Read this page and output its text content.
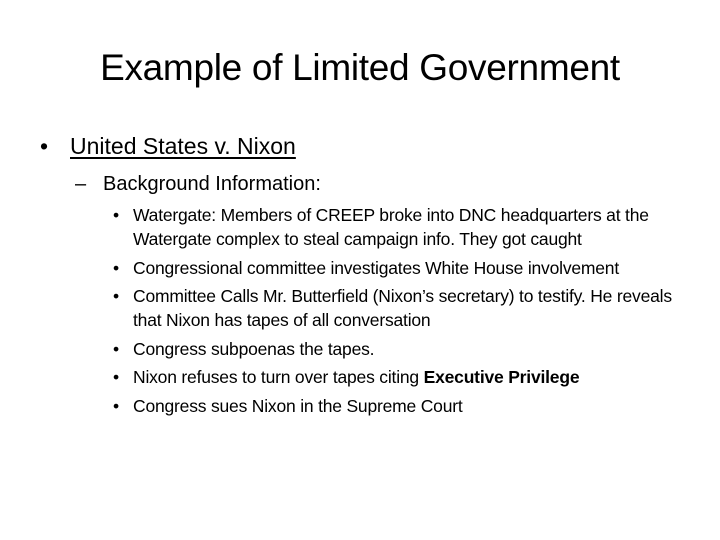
Example of Limited Government
• United States v. Nixon
– Background Information:
• Watergate: Members of CREEP broke into DNC headquarters at the Watergate complex to steal campaign info. They got caught
• Congressional committee investigates White House involvement
• Committee Calls Mr. Butterfield (Nixon’s secretary) to testify. He reveals that Nixon has tapes of all conversation
• Congress subpoenas the tapes.
• Nixon refuses to turn over tapes citing Executive Privilege
• Congress sues Nixon in the Supreme Court
